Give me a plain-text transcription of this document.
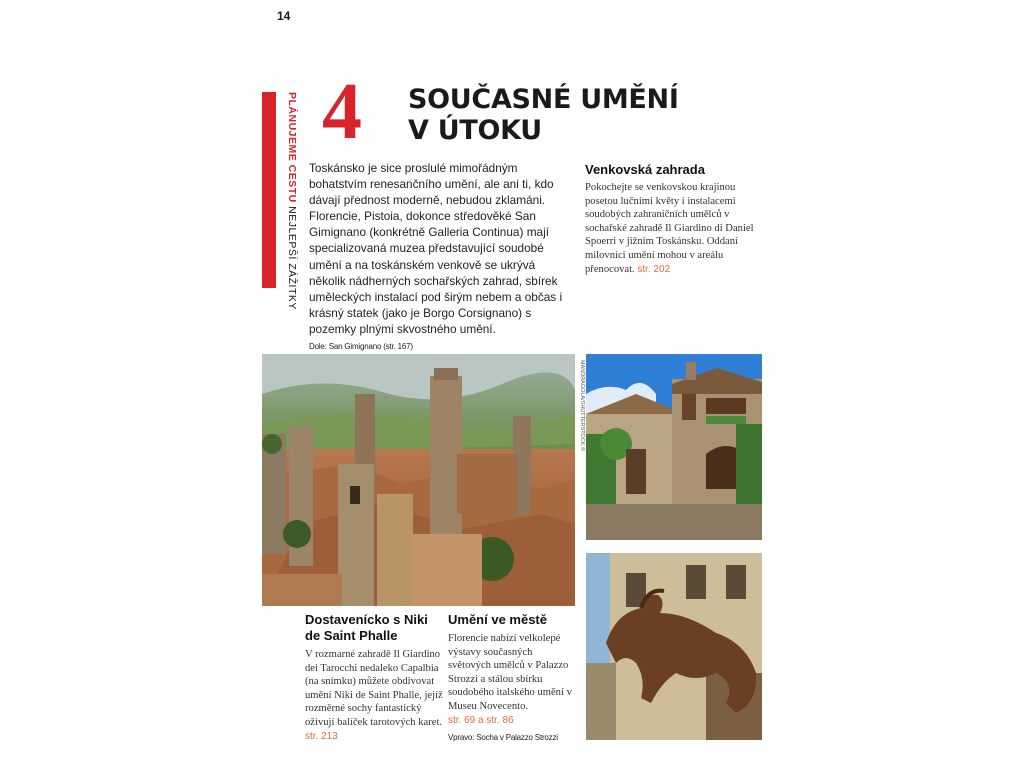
14
PLÁNUJEME CESTU NEJLEPŠÍ ZÁŽITKY
4 SOUČASNÉ UMĚNÍ
V ÚTOKU
Toskánsko je sice proslulé mimořádným bohatstvím renesančního umění, ale ani ti, kdo dávají přednost moderně, nebudou zklamáni. Florencie, Pistoia, dokonce středověké San Gimignano (konkrétně Galleria Continua) mají specializovaná muzea představující soudobé umění a na toskánském venkově se ukrývá několik nádherných sochařských zahrad, sbírek uměleckých instalací pod širým nebem a občas i krásný statek (jako je Borgo Corsignano) s pozemky plnými skvostného umění.
Dole: San Gimignano (str. 167)
Venkovská zahrada
Pokochejte se venkovskou krajinou posetou lučními květy i instalacemi soudobých zahraničních umělců v sochařské zahradě Il Giardino di Daniel Spoerri v jižním Toskánsku. Oddaní milovníci umění mohou v areálu přenocovat. str. 202
MANDRAGOLA/SHUTTERSTOCK ©
Dostavenícko s Niki de Saint Phalle
V rozmarné zahradě Il Giardino dei Tarocchi nedaleko Capalbia (na snímku) můžete obdivovat umění Niki de Saint Phalle, jejíž rozměrné sochy fantastický oživují balíček tarotových karet. str. 213
Umění ve městě
Florencie nabízí velkolepé výstavy současných světových umělců v Palazzo Strozzi a stálou sbírku soudobého italského umění v Museu Novecento.
str. 69 a str. 86
Vpravo: Socha v Palazzo Strozzi
